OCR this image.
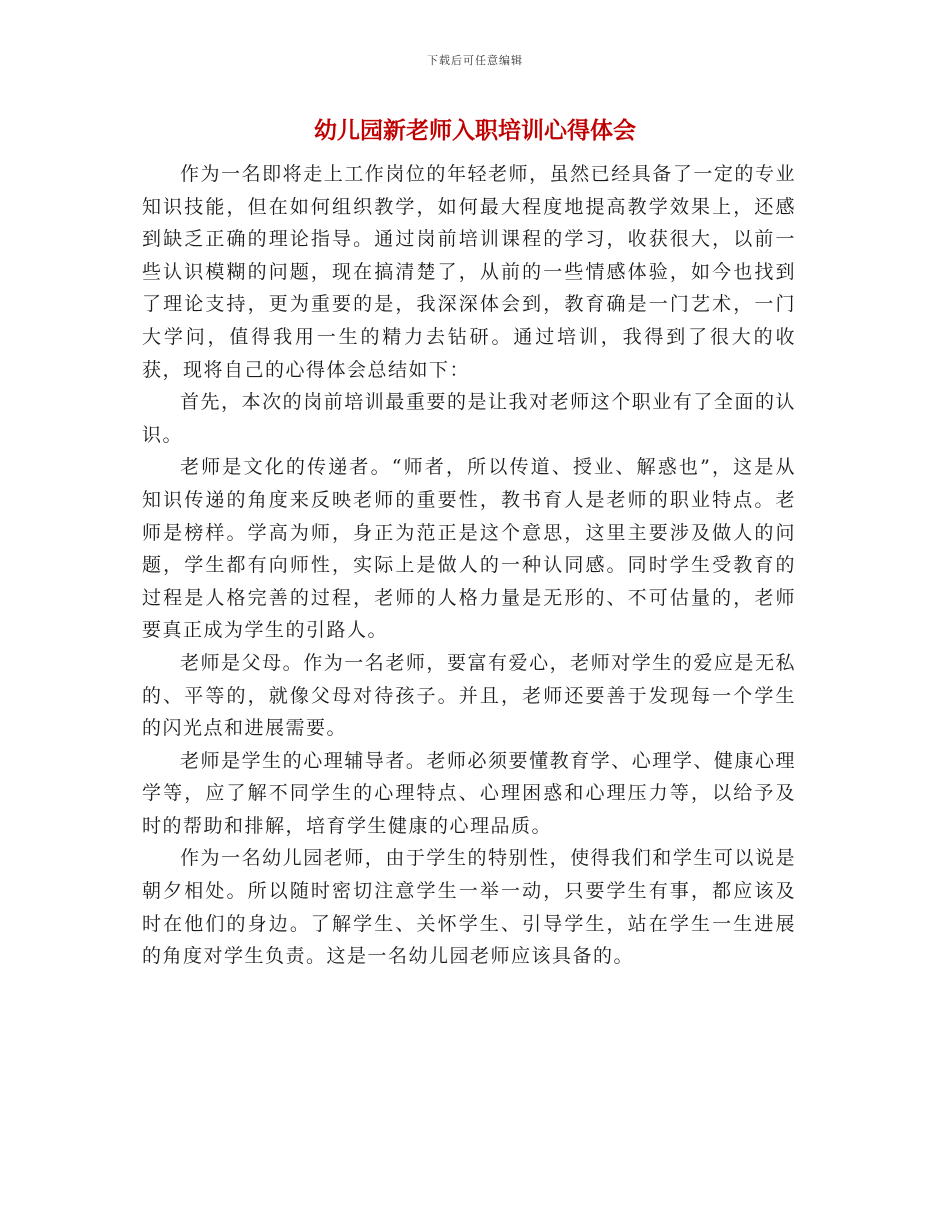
下载后可任意编辑
幼儿园新老师入职培训心得体会

作为一名即将走上工作岗位的年轻老师，虽然已经具备了一定的专业知识技能，但在如何组织教学，如何最大程度地提高教学效果上，还感到缺乏正确的理论指导。通过岗前培训课程的学习，收获很大，以前一些认识模糊的问题，现在搞清楚了，从前的一些情感体验，如今也找到了理论支持，更为重要的是，我深深体会到，教育确是一门艺术，一门大学问，值得我用一生的精力去钻研。通过培训，我得到了很大的收获，现将自己的心得体会总结如下：

首先，本次的岗前培训最重要的是让我对老师这个职业有了全面的认识。

老师是文化的传递者。“师者，所以传道、授业、解惑也”，这是从知识传递的角度来反映老师的重要性，教书育人是老师的职业特点。老师是榜样。学高为师，身正为范正是这个意思，这里主要涉及做人的问题，学生都有向师性，实际上是做人的一种认同感。同时学生受教育的过程是人格完善的过程，老师的人格力量是无形的、不可估量的，老师要真正成为学生的引路人。

老师是父母。作为一名老师，要富有爱心，老师对学生的爱应是无私的、平等的，就像父母对待孩子。并且，老师还要善于发现每一个学生的闪光点和进展需要。

老师是学生的心理辅导者。老师必须要懂教育学、心理学、健康心理学等，应了解不同学生的心理特点、心理困惑和心理压力等，以给予及时的帮助和排解，培育学生健康的心理品质。

作为一名幼儿园老师，由于学生的特别性，使得我们和学生可以说是朝夕相处。所以随时密切注意学生一举一动，只要学生有事，都应该及时在他们的身边。了解学生、关怀学生、引导学生，站在学生一生进展的角度对学生负责。这是一名幼儿园老师应该具备的。
